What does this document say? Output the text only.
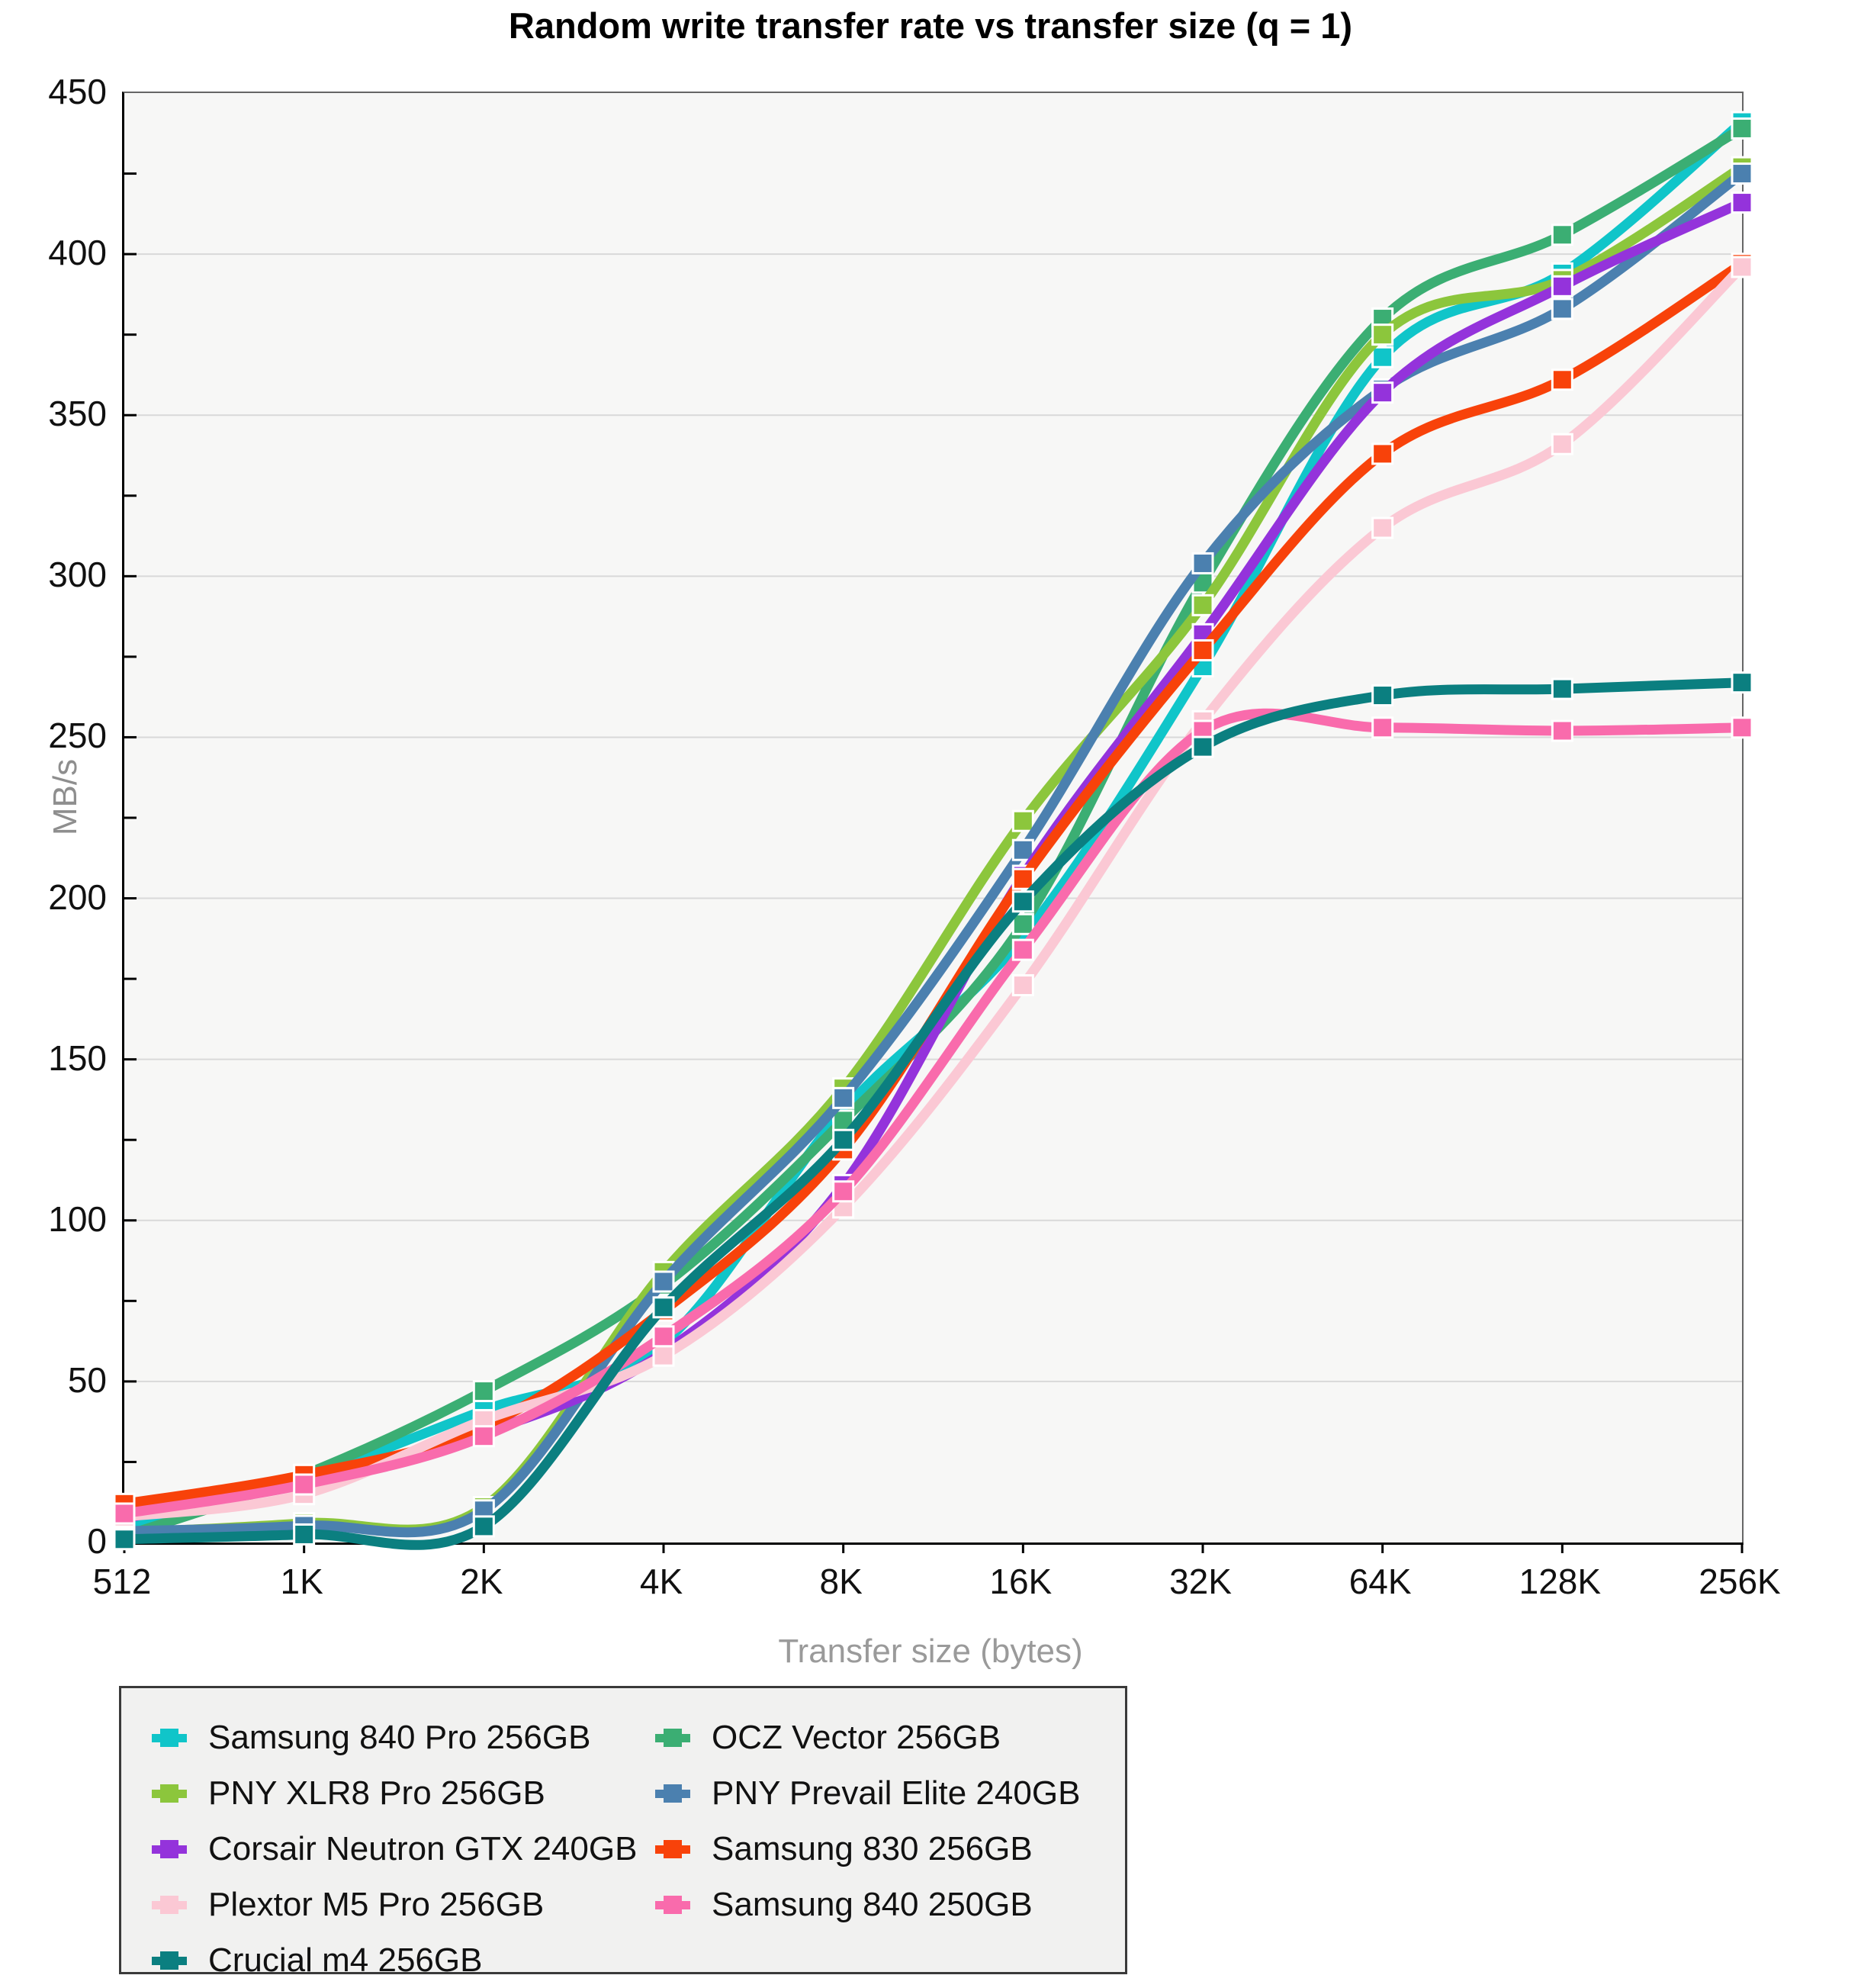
Random write transfer rate vs transfer size (q = 1)
0
50
100
150
200
250
300
350
400
450
512	1K	2K	4K	8K	16K	32K	64K	128K	256K
MB/s
Transfer size (bytes)
Samsung 840 Pro 256GB
PNY XLR8 Pro 256GB
Corsair Neutron GTX 240GB
Plextor M5 Pro 256GB
Crucial m4 256GB
OCZ Vector 256GB
PNY Prevail Elite 240GB
Samsung 830 256GB
Samsung 840 250GB
